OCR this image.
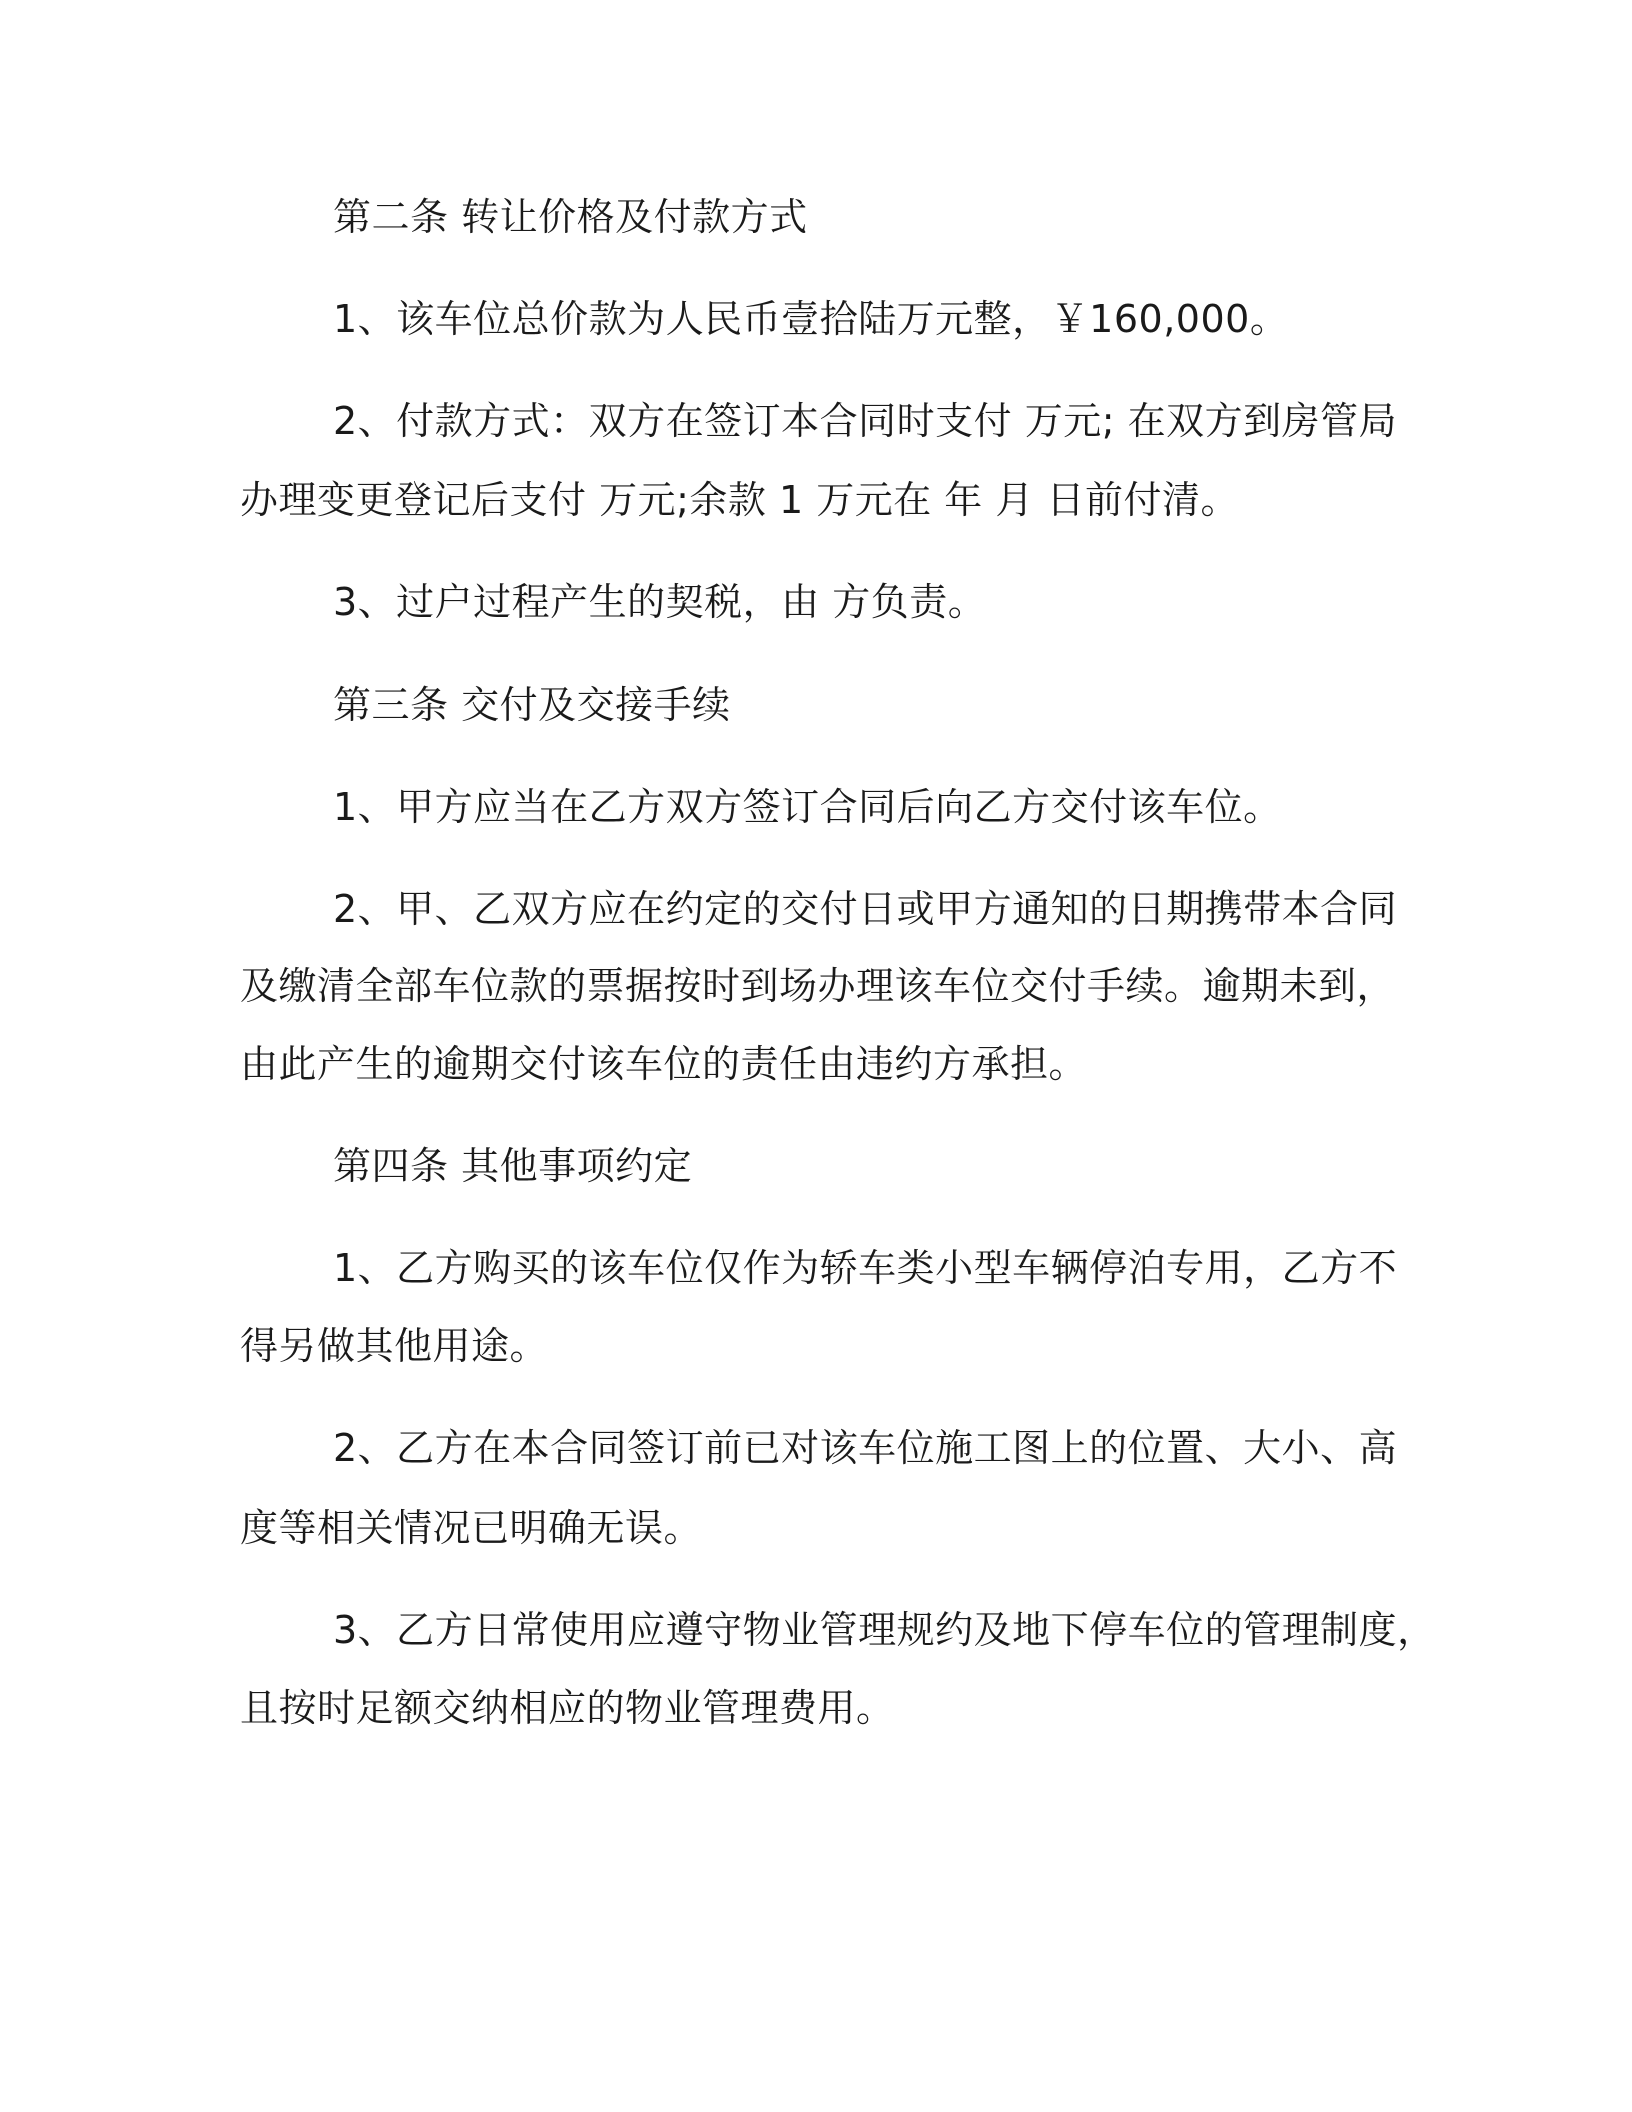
第二条 转让价格及付款方式
1、该车位总价款为人民币壹拾陆万元整，￥160,000。
2、付款方式：双方在签订本合同时支付 万元; 在双方到房管局
办理变更登记后支付 万元;余款 1 万元在 年 月 日前付清。
3、过户过程产生的契税，由 方负责。
第三条 交付及交接手续
1、甲方应当在乙方双方签订合同后向乙方交付该车位。
2、甲、乙双方应在约定的交付日或甲方通知的日期携带本合同
及缴清全部车位款的票据按时到场办理该车位交付手续。逾期未到，
由此产生的逾期交付该车位的责任由违约方承担。
第四条 其他事项约定
1、乙方购买的该车位仅作为轿车类小型车辆停泊专用，乙方不
得另做其他用途。
2、乙方在本合同签订前已对该车位施工图上的位置、大小、高
度等相关情况已明确无误。
3、乙方日常使用应遵守物业管理规约及地下停车位的管理制度，
且按时足额交纳相应的物业管理费用。
